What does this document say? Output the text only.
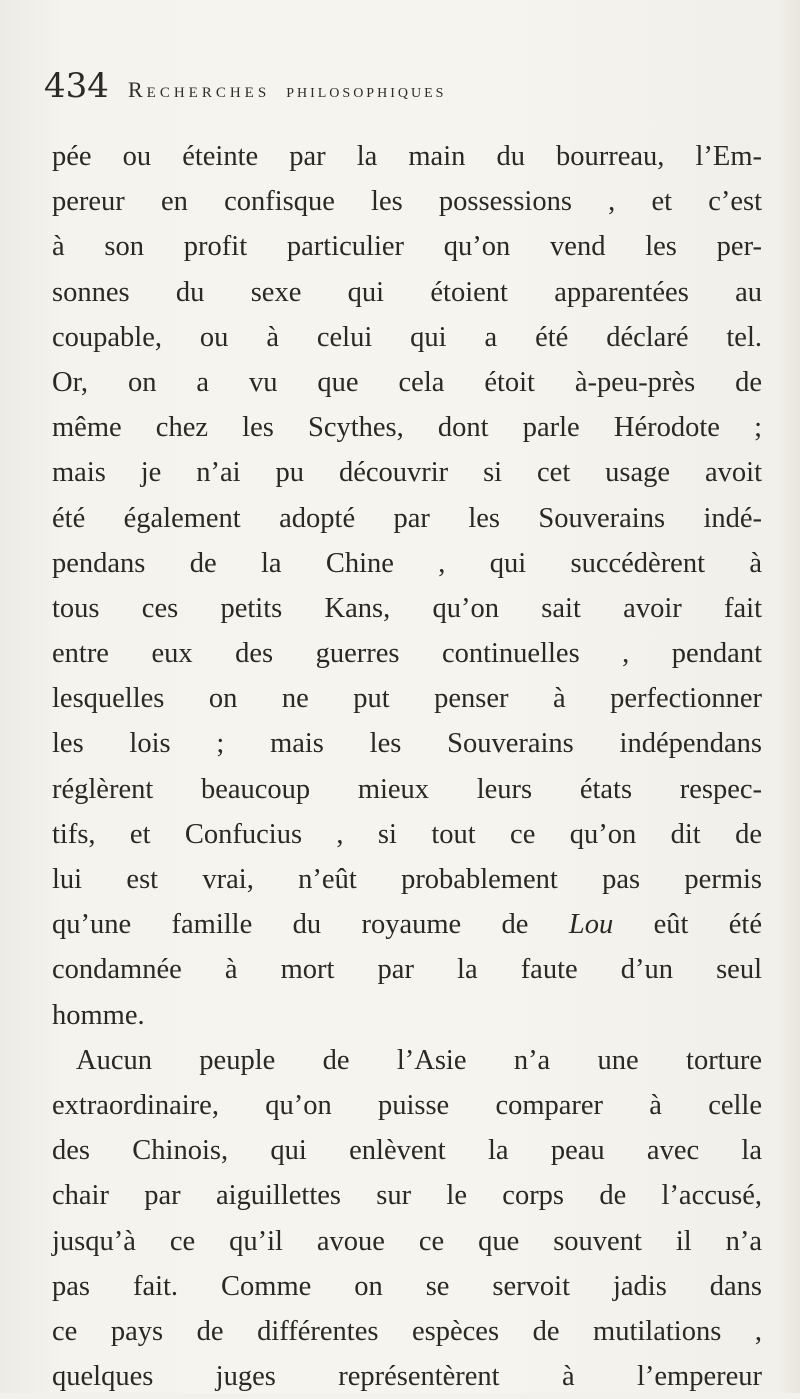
434 Recherches philosophiques
pée ou éteinte par la main du bourreau, l’Em-
pereur en confisque les possessions , et c’est
à son profit particulier qu’on vend les per-
sonnes du sexe qui étoient apparentées au
coupable, ou à celui qui a été déclaré tel.
Or, on a vu que cela étoit à-peu-près de
même chez les Scythes, dont parle Hérodote ;
mais je n’ai pu découvrir si cet usage avoit
été également adopté par les Souverains indé-
pendans de la Chine , qui succédèrent à
tous ces petits Kans, qu’on sait avoir fait
entre eux des guerres continuelles , pendant
lesquelles on ne put penser à perfectionner
les lois ; mais les Souverains indépendans
réglèrent beaucoup mieux leurs états respec-
tifs, et Confucius , si tout ce qu’on dit de
lui est vrai, n’eût probablement pas permis
qu’une famille du royaume de Lou eût été
condamnée à mort par la faute d’un seul
homme.
Aucun peuple de l’Asie n’a une torture
extraordinaire, qu’on puisse comparer à celle
des Chinois, qui enlèvent la peau avec la
chair par aiguillettes sur le corps de l’accusé,
jusqu’à ce qu’il avoue ce que souvent il n’a
pas fait. Comme on se servoit jadis dans
ce pays de différentes espèces de mutilations ,
quelques juges représentèrent à l’empereur
